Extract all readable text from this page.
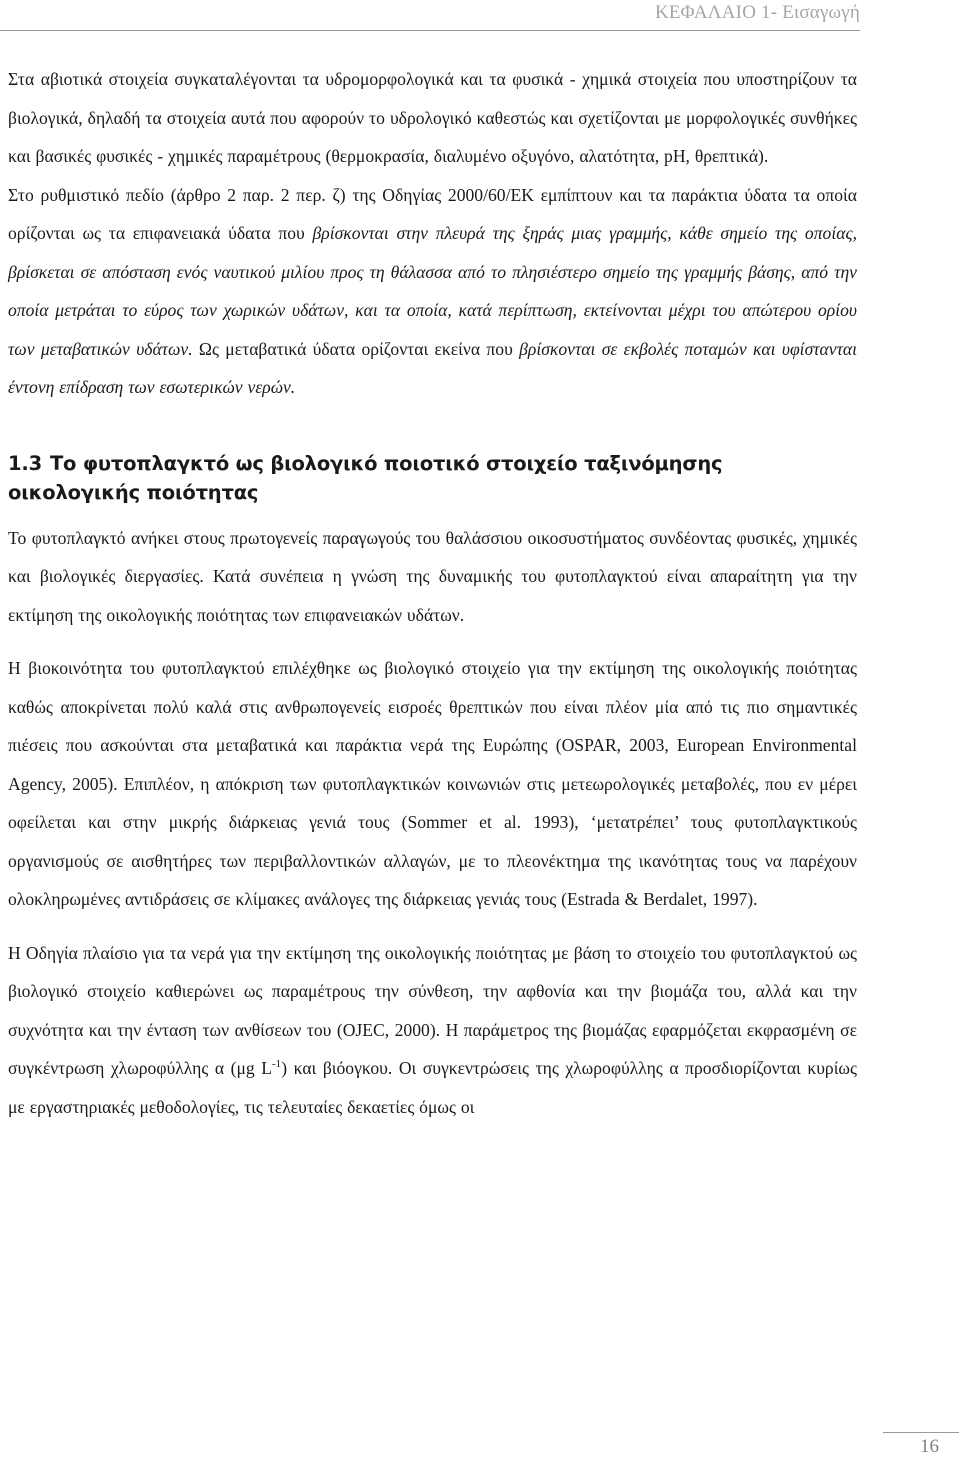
ΚΕΦΑΛΑΙΟ 1- Εισαγωγή

Στα αβιοτικά στοιχεία συγκαταλέγονται τα υδρομορφολογικά και τα φυσικά - χημικά στοιχεία που υποστηρίζουν τα βιολογικά, δηλαδή τα στοιχεία αυτά που αφορούν το υδρολογικό καθεστώς και σχετίζονται με μορφολογικές συνθήκες και βασικές φυσικές - χημικές παραμέτρους (θερμοκρασία, διαλυμένο οξυγόνο, αλατότητα, pH, θρεπτικά).

Στο ρυθμιστικό πεδίο (άρθρο 2 παρ. 2 περ. ζ) της Οδηγίας 2000/60/ΕΚ εμπίπτουν και τα παράκτια ύδατα τα οποία ορίζονται ως τα επιφανειακά ύδατα που βρίσκονται στην πλευρά της ξηράς μιας γραμμής, κάθε σημείο της οποίας, βρίσκεται σε απόσταση ενός ναυτικού μιλίου προς τη θάλασσα από το πλησιέστερο σημείο της γραμμής βάσης, από την οποία μετράται το εύρος των χωρικών υδάτων, και τα οποία, κατά περίπτωση, εκτείνονται μέχρι του απώτερου ορίου των μεταβατικών υδάτων. Ως μεταβατικά ύδατα ορίζονται εκείνα που βρίσκονται σε εκβολές ποταμών και υφίστανται έντονη επίδραση των εσωτερικών νερών.

1.3 Το φυτοπλαγκτό ως βιολογικό ποιοτικό στοιχείο ταξινόμησης οικολογικής ποιότητας

Το φυτοπλαγκτό ανήκει στους πρωτογενείς παραγωγούς του θαλάσσιου οικοσυστήματος συνδέοντας φυσικές, χημικές και βιολογικές διεργασίες. Κατά συνέπεια η γνώση της δυναμικής του φυτοπλαγκτού είναι απαραίτητη για την εκτίμηση της οικολογικής ποιότητας των επιφανειακών υδάτων.

Η βιοκοινότητα του φυτοπλαγκτού επιλέχθηκε ως βιολογικό στοιχείο για την εκτίμηση της οικολογικής ποιότητας καθώς αποκρίνεται πολύ καλά στις ανθρωπογενείς εισροές θρεπτικών που είναι πλέον μία από τις πιο σημαντικές πιέσεις που ασκούνται στα μεταβατικά και παράκτια νερά της Ευρώπης (OSPAR, 2003, European Environmental Agency, 2005). Επιπλέον, η απόκριση των φυτοπλαγκτικών κοινωνιών στις μετεωρολογικές μεταβολές, που εν μέρει οφείλεται και στην μικρής διάρκειας γενιά τους (Sommer et al. 1993), ‘μετατρέπει’ τους φυτοπλαγκτικούς οργανισμούς σε αισθητήρες των περιβαλλοντικών αλλαγών, με το πλεονέκτημα της ικανότητας τους να παρέχουν ολοκληρωμένες αντιδράσεις σε κλίμακες ανάλογες της διάρκειας γενιάς τους (Estrada & Berdalet, 1997).

Η Οδηγία πλαίσιο για τα νερά για την εκτίμηση της οικολογικής ποιότητας με βάση το στοιχείο του φυτοπλαγκτού ως βιολογικό στοιχείο καθιερώνει ως παραμέτρους την σύνθεση, την αφθονία και την βιομάζα του, αλλά και την συχνότητα και την ένταση των ανθίσεων του (OJEC, 2000). Η παράμετρος της βιομάζας εφαρμόζεται εκφρασμένη σε συγκέντρωση χλωροφύλλης α (μg $L^{-1}$) και βιόογκου. Οι συγκεντρώσεις της χλωροφύλλης α προσδιορίζονται κυρίως με εργαστηριακές μεθοδολογίες, τις τελευταίες δεκαετίες όμως οι

16
